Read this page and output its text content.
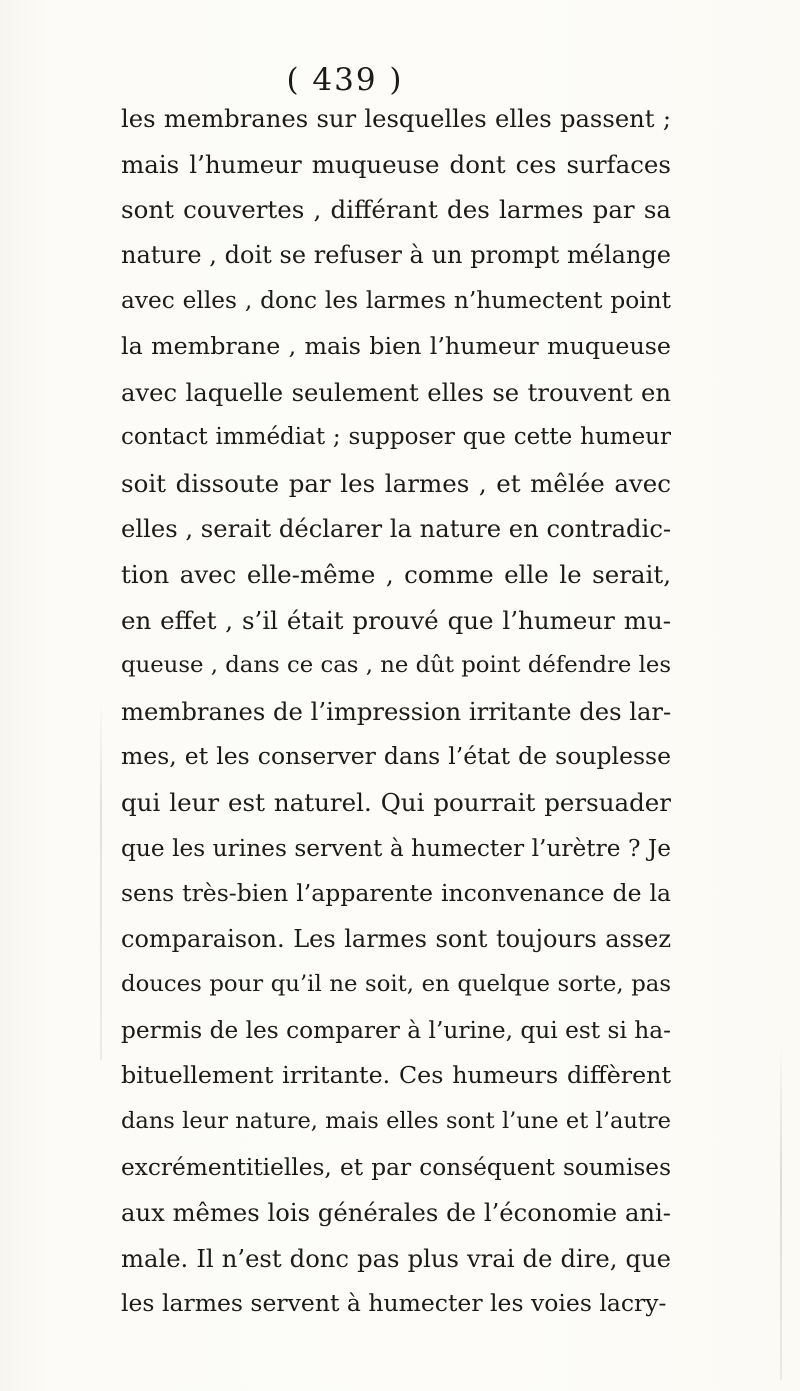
( 439 )
les membranes sur lesquelles elles passent ;
mais l’humeur muqueuse dont ces surfaces
sont couvertes , différant des larmes par sa
nature , doit se refuser à un prompt mélange
avec elles , donc les larmes n’humectent point
la membrane , mais bien l’humeur muqueuse
avec laquelle seulement elles se trouvent en
contact immédiat ; supposer que cette humeur
soit dissoute par les larmes , et mêlée avec
elles , serait déclarer la nature en contradic-
tion avec elle-même , comme elle le serait,
en effet , s’il était prouvé que l’humeur mu-
queuse , dans ce cas , ne dût point défendre les
membranes de l’impression irritante des lar-
mes, et les conserver dans l’état de souplesse
qui leur est naturel. Qui pourrait persuader
que les urines servent à humecter l’urètre ? Je
sens très-bien l’apparente inconvenance de la
comparaison. Les larmes sont toujours assez
douces pour qu’il ne soit, en quelque sorte, pas
permis de les comparer à l’urine, qui est si ha-
bituellement irritante. Ces humeurs diffèrent
dans leur nature, mais elles sont l’une et l’autre
excrémentitielles, et par conséquent soumises
aux mêmes lois générales de l’économie ani-
male. Il n’est donc pas plus vrai de dire, que
les larmes servent à humecter les voies lacry-
